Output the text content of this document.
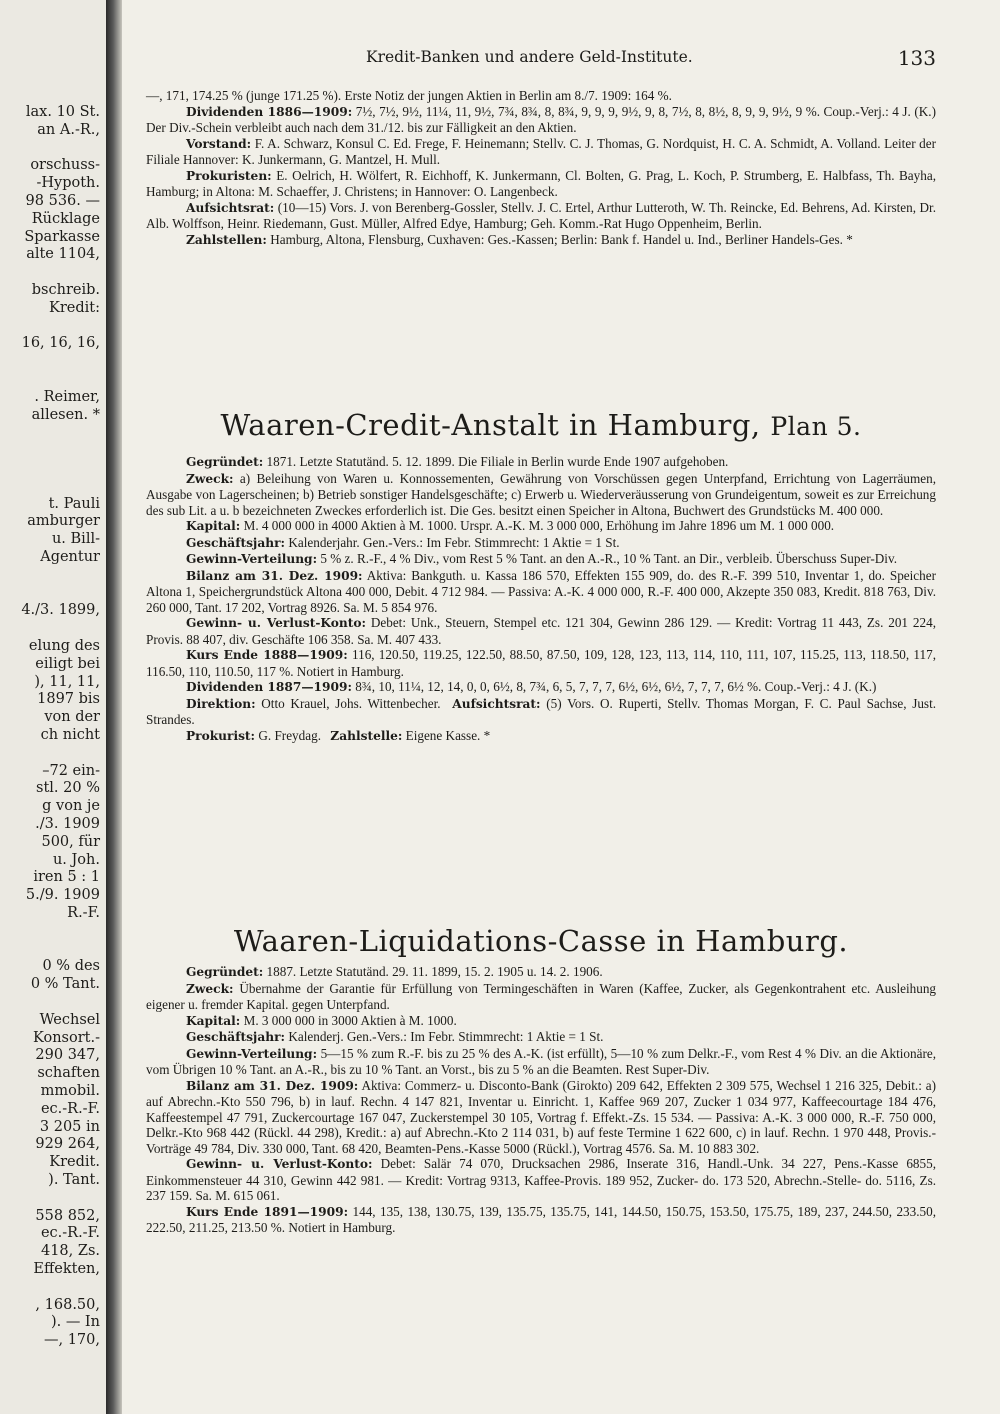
lax. 10 St.
an A.-R.,
orschuss-
-Hypoth.
98 536. —
Rücklage
Sparkasse
alte 1104,
bschreib.
Kredit:
16, 16, 16,
. Reimer,
allesen. *
t. Pauli
amburger
u. Bill-
Agentur
4./3. 1899,
elung des
eiligt bei
), 11, 11,
1897 bis
von der
ch nicht
–72 ein-
stl. 20 %
g von je
./3. 1909
500, für
u. Joh.
iren 5 : 1
5./9. 1909
R.-F.
0 % des
0 % Tant.
Wechsel
Konsort.-
290 347,
schaften
mmobil.
ec.-R.-F.
3 205 in
929 264,
Kredit.
). Tant.
558 852,
ec.-R.-F.
418, Zs.
Effekten,
, 168.50,
). — In
—, 170,
Kredit-Banken und andere Geld-Institute.	133

—, 171, 174.25 % (junge 171.25 %). Erste Notiz der jungen Aktien in Berlin am 8./7. 1909: 164 %.

Dividenden 1886—1909: 7½, 7½, 9½, 11¼, 11, 9½, 7¾, 8¾, 8, 8¾, 9, 9, 9, 9½, 9, 8, 7½, 8, 8½, 8, 9, 9, 9½, 9 %. Coup.-Verj.: 4 J. (K.) Der Div.-Schein verbleibt auch nach dem 31./12. bis zur Fälligkeit an den Aktien.

Vorstand: F. A. Schwarz, Konsul C. Ed. Frege, F. Heinemann; Stellv. C. J. Thomas, G. Nordquist, H. C. A. Schmidt, A. Volland. Leiter der Filiale Hannover: K. Junkermann, G. Mantzel, H. Mull.

Prokuristen: E. Oelrich, H. Wölfert, R. Eichhoff, K. Junkermann, Cl. Bolten, G. Prag, L. Koch, P. Strumberg, E. Halbfass, Th. Bayha, Hamburg; in Altona: M. Schaeffer, J. Christens; in Hannover: O. Langenbeck.

Aufsichtsrat: (10—15) Vors. J. von Berenberg-Gossler, Stellv. J. C. Ertel, Arthur Lutteroth, W. Th. Reincke, Ed. Behrens, Ad. Kirsten, Dr. Alb. Wolffson, Heinr. Riedemann, Gust. Müller, Alfred Edye, Hamburg; Geh. Komm.-Rat Hugo Oppenheim, Berlin.

Zahlstellen: Hamburg, Altona, Flensburg, Cuxhaven: Ges.-Kassen; Berlin: Bank f. Handel u. Ind., Berliner Handels-Ges. *

Waaren-Credit-Anstalt in Hamburg, Plan 5.

Gegründet: 1871. Letzte Statutänd. 5. 12. 1899. Die Filiale in Berlin wurde Ende 1907 aufgehoben.

Zweck: a) Beleihung von Waren u. Konnossementen, Gewährung von Vorschüssen gegen Unterpfand, Errichtung von Lagerräumen, Ausgabe von Lagerscheinen; b) Betrieb sonstiger Handelsgeschäfte; c) Erwerb u. Wiederveräusserung von Grundeigentum, soweit es zur Erreichung des sub Lit. a u. b bezeichneten Zweckes erforderlich ist. Die Ges. besitzt einen Speicher in Altona, Buchwert des Grundstücks M. 400 000.

Kapital: M. 4 000 000 in 4000 Aktien à M. 1000. Urspr. A.-K. M. 3 000 000, Erhöhung im Jahre 1896 um M. 1 000 000.

Geschäftsjahr: Kalenderjahr. Gen.-Vers.: Im Febr. Stimmrecht: 1 Aktie = 1 St.

Gewinn-Verteilung: 5 % z. R.-F., 4 % Div., vom Rest 5 % Tant. an den A.-R., 10 % Tant. an Dir., verbleib. Überschuss Super-Div.

Bilanz am 31. Dez. 1909: Aktiva: Bankguth. u. Kassa 186 570, Effekten 155 909, do. des R.-F. 399 510, Inventar 1, do. Speicher Altona 1, Speichergrundstück Altona 400 000, Debit. 4 712 984. — Passiva: A.-K. 4 000 000, R.-F. 400 000, Akzepte 350 083, Kredit. 818 763, Div. 260 000, Tant. 17 202, Vortrag 8926. Sa. M. 5 854 976.

Gewinn- u. Verlust-Konto: Debet: Unk., Steuern, Stempel etc. 121 304, Gewinn 286 129. — Kredit: Vortrag 11 443, Zs. 201 224, Provis. 88 407, div. Geschäfte 106 358. Sa. M. 407 433.

Kurs Ende 1888—1909: 116, 120.50, 119.25, 122.50, 88.50, 87.50, 109, 128, 123, 113, 114, 110, 111, 107, 115.25, 113, 118.50, 117, 116.50, 110, 110.50, 117 %. Notiert in Hamburg.

Dividenden 1887—1909: 8¾, 10, 11¼, 12, 14, 0, 0, 6½, 8, 7¾, 6, 5, 7, 7, 7, 6½, 6½, 6½, 7, 7, 7, 6½ %. Coup.-Verj.: 4 J. (K.)

Direktion: Otto Krauel, Johs. Wittenbecher. Aufsichtsrat: (5) Vors. O. Ruperti, Stellv. Thomas Morgan, F. C. Paul Sachse, Just. Strandes.

Prokurist: G. Freydag. Zahlstelle: Eigene Kasse. *

Waaren-Liquidations-Casse in Hamburg.

Gegründet: 1887. Letzte Statutänd. 29. 11. 1899, 15. 2. 1905 u. 14. 2. 1906.

Zweck: Übernahme der Garantie für Erfüllung von Termingeschäften in Waren (Kaffee, Zucker, als Gegenkontrahent etc. Ausleihung eigener u. fremder Kapital. gegen Unterpfand.

Kapital: M. 3 000 000 in 3000 Aktien à M. 1000.

Geschäftsjahr: Kalenderj. Gen.-Vers.: Im Febr. Stimmrecht: 1 Aktie = 1 St.

Gewinn-Verteilung: 5—15 % zum R.-F. bis zu 25 % des A.-K. (ist erfüllt), 5—10 % zum Delkr.-F., vom Rest 4 % Div. an die Aktionäre, vom Übrigen 10 % Tant. an A.-R., bis zu 10 % Tant. an Vorst., bis zu 5 % an die Beamten. Rest Super-Div.

Bilanz am 31. Dez. 1909: Aktiva: Commerz- u. Disconto-Bank (Girokto) 209 642, Effekten 2 309 575, Wechsel 1 216 325, Debit.: a) auf Abrechn.-Kto 550 796, b) in lauf. Rechn. 4 147 821, Inventar u. Einricht. 1, Kaffee 969 207, Zucker 1 034 977, Kaffeecourtage 184 476, Kaffeestempel 47 791, Zuckercourtage 167 047, Zuckerstempel 30 105, Vortrag f. Effekt.-Zs. 15 534. — Passiva: A.-K. 3 000 000, R.-F. 750 000, Delkr.-Kto 968 442 (Rückl. 44 298), Kredit.: a) auf Abrechn.-Kto 2 114 031, b) auf feste Termine 1 622 600, c) in lauf. Rechn. 1 970 448, Provis.-Vorträge 49 784, Div. 330 000, Tant. 68 420, Beamten-Pens.-Kasse 5000 (Rückl.), Vortrag 4576. Sa. M. 10 883 302.

Gewinn- u. Verlust-Konto: Debet: Salär 74 070, Drucksachen 2986, Inserate 316, Handl.-Unk. 34 227, Pens.-Kasse 6855, Einkommensteuer 44 310, Gewinn 442 981. — Kredit: Vortrag 9313, Kaffee-Provis. 189 952, Zucker- do. 173 520, Abrechn.-Stelle- do. 5116, Zs. 237 159. Sa. M. 615 061.

Kurs Ende 1891—1909: 144, 135, 138, 130.75, 139, 135.75, 135.75, 141, 144.50, 150.75, 153.50, 175.75, 189, 237, 244.50, 233.50, 222.50, 211.25, 213.50 %. Notiert in Hamburg.
